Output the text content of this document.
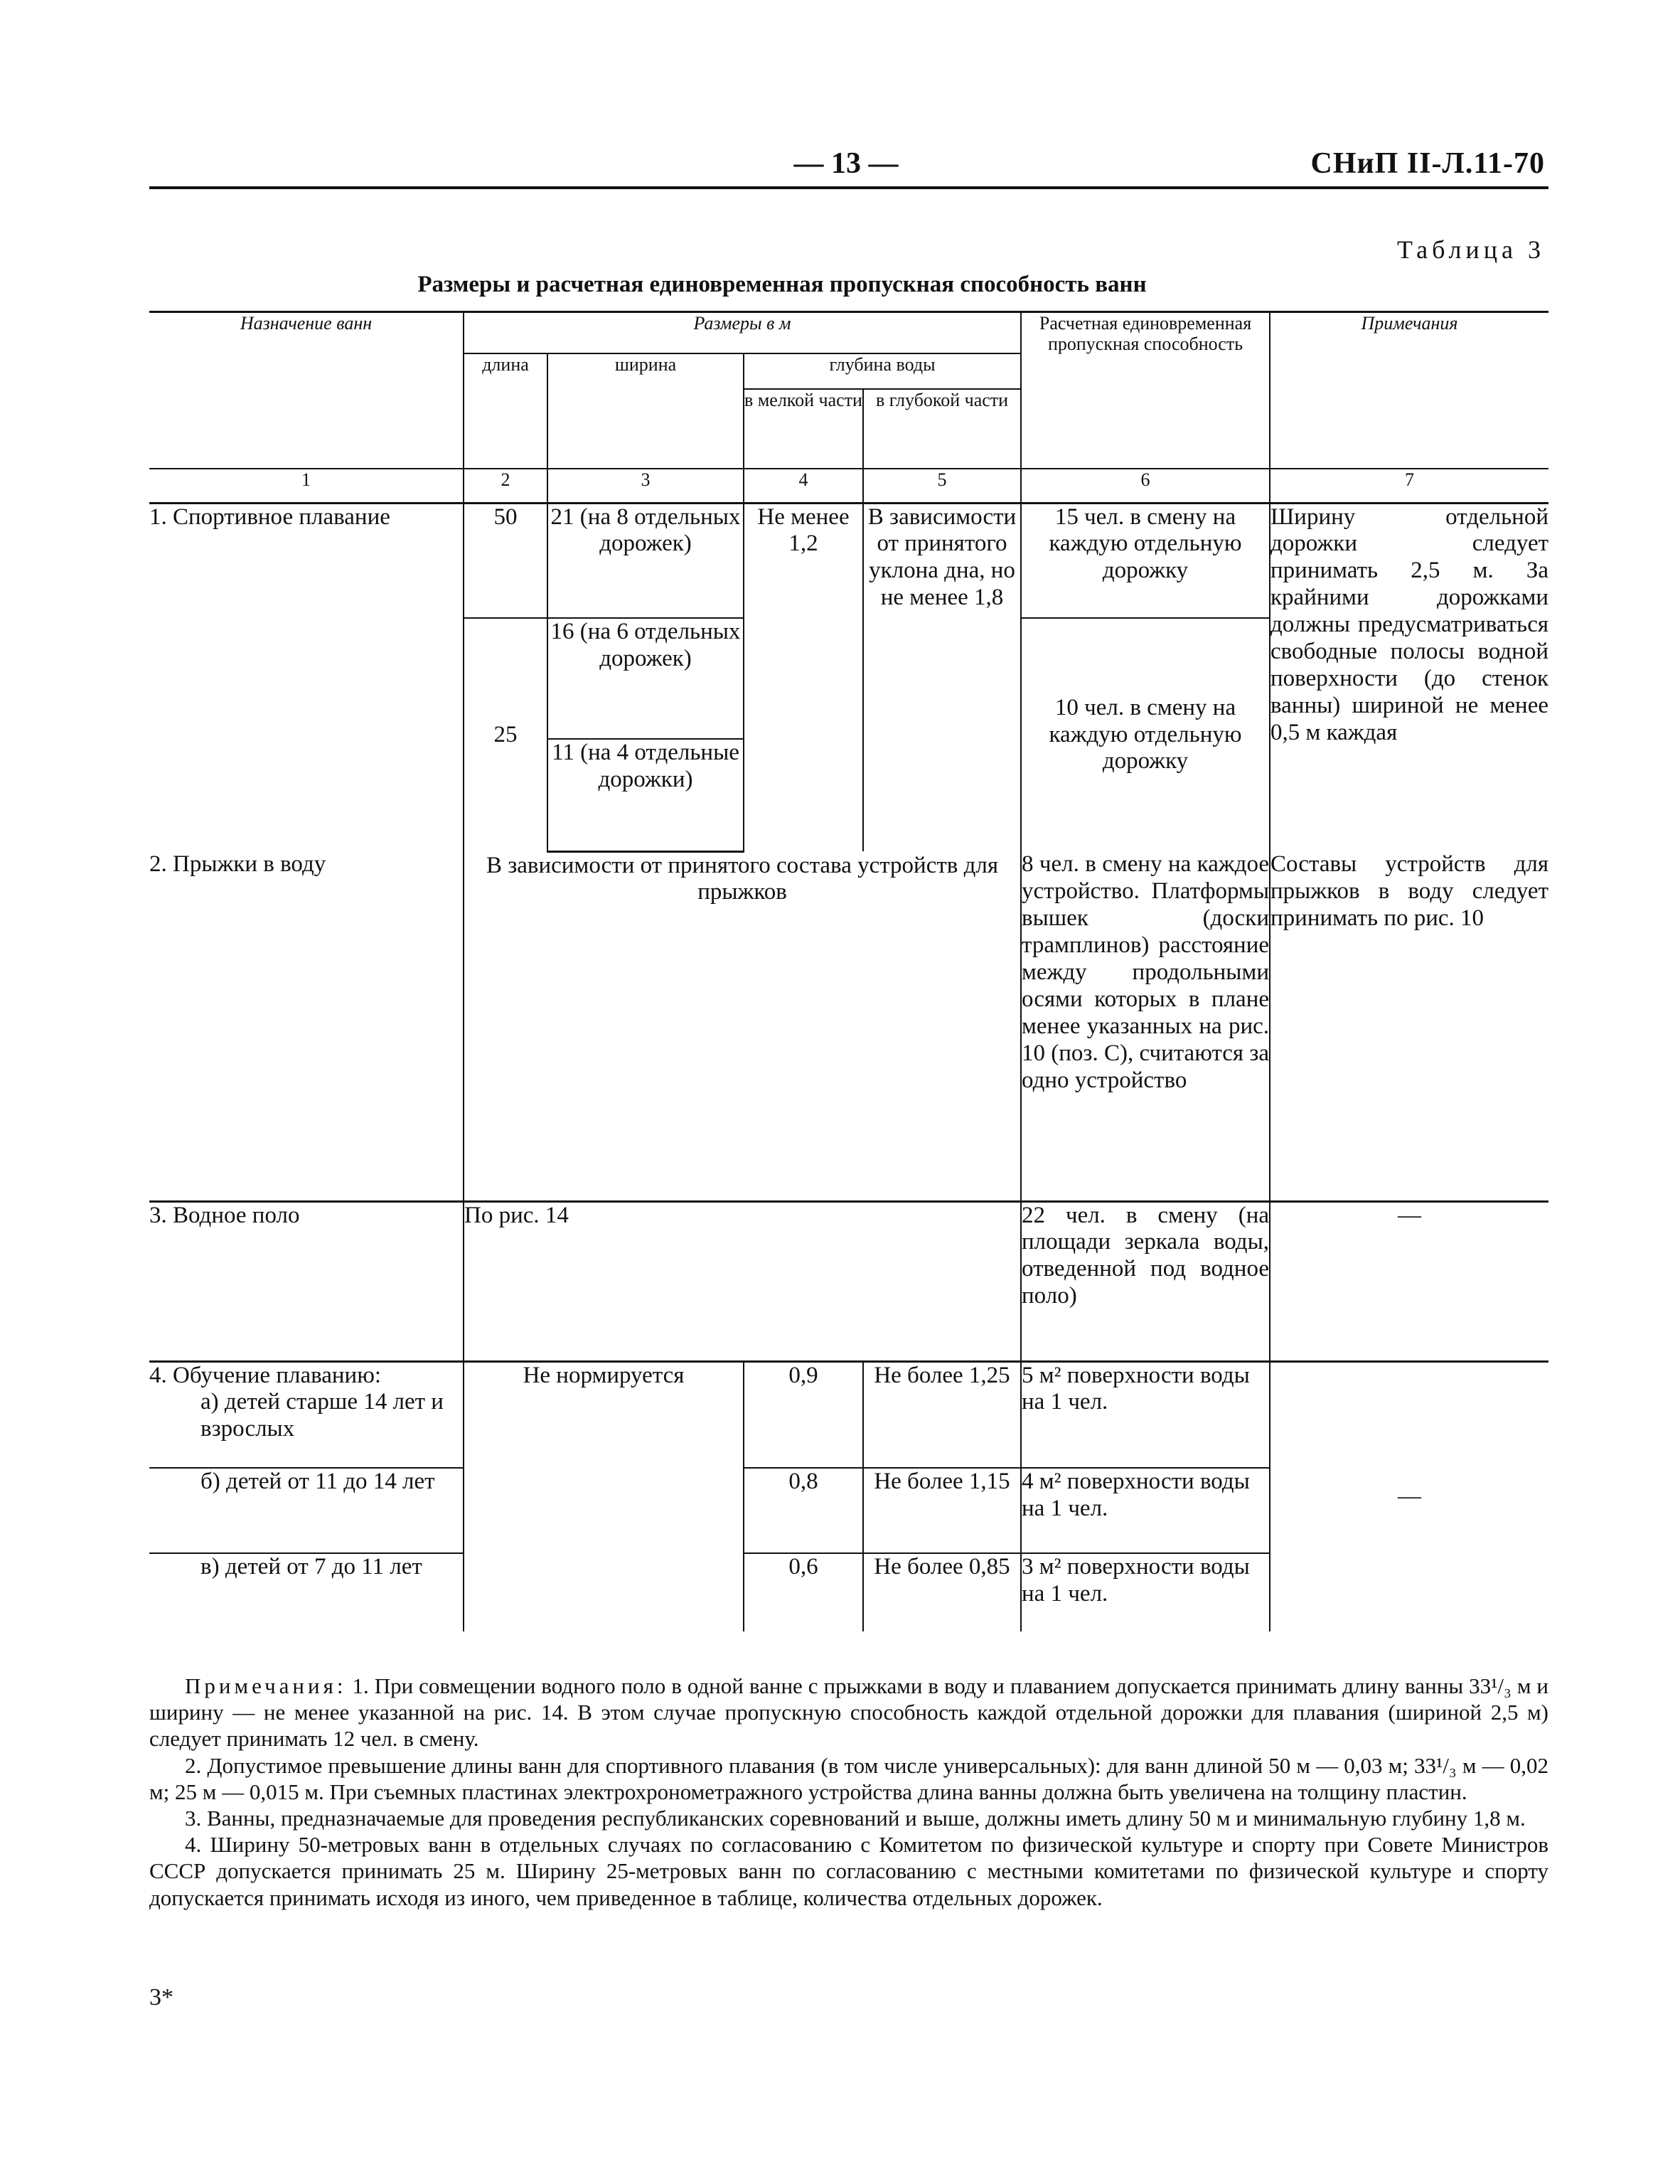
— 13 —	СНиП II-Л.11-70
Таблица 3
Размеры и расчетная единовременная пропускная способность ванн
Назначение ванн	Размеры в м				Расчетная единовременная пропускная способность	Примечания
	длина	ширина	глубина воды			
			в мелкой части	в глубокой части		
1	2	3	4	5	6	7
1. Спортивное плавание	50	21 (на 8 отдельных дорожек)	Не менее 1,2	В зависимости от принятого уклона дна, но не менее 1,8	15 чел. в смену на каждую отдельную дорожку	Ширину отдельной дорожки следует принимать 2,5 м. За крайними дорожками должны предусматриваться свободные полосы водной поверхности (до стенок ванны) шириной не менее 0,5 м каждая
	25	16 (на 6 отдельных дорожек)			10 чел. в смену на каждую отдельную дорожку	
		11 (на 4 отдельные дорожки)				
2. Прыжки в воду	В зависимости от принятого состава устройств для прыжков				8 чел. в смену на каждое устройство. Платформы вышек (доски трамплинов) расстояние между продольными осями которых в плане менее указанных на рис. 10 (поз. С), считаются за одно устройство	Составы устройств для прыжков в воду следует принимать по рис. 10
3. Водное поло	По рис. 14				22 чел. в смену (на площади зеркала воды, отведенной под водное поло)	—

4. Обучение плаванию:
а) детей старше 14 лет и взрослых	Не нормируется		0,9	Не более 1,25	5 м² поверхности воды на 1 чел.	—
б) детей от 11 до 14 лет			0,8	Не более 1,15	4 м² поверхности воды на 1 чел.	
в) детей от 7 до 11 лет			0,6	Не более 0,85	3 м² поверхности воды на 1 чел.	

Примечания: 1. При совмещении водного поло в одной ванне с прыжками в воду и плаванием допускается принимать длину ванны 33¹/₃ м и ширину — не менее указанной на рис. 14. В этом случае пропускную способность каждой отдельной дорожки для плавания (шириной 2,5 м) следует принимать 12 чел. в смену.

2. Допустимое превышение длины ванн для спортивного плавания (в том числе универсальных): для ванн длиной 50 м — 0,03 м; 33¹/₃ м — 0,02 м; 25 м — 0,015 м. При съемных пластинах электрохронометражного устройства длина ванны должна быть увеличена на толщину пластин.

3. Ванны, предназначаемые для проведения республиканских соревнований и выше, должны иметь длину 50 м и минимальную глубину 1,8 м.

4. Ширину 50-метровых ванн в отдельных случаях по согласованию с Комитетом по физической культуре и спорту при Совете Министров СССР допускается принимать 25 м. Ширину 25-метровых ванн по согласованию с местными комитетами по физической культуре и спорту допускается принимать исходя из иного, чем приведенное в таблице, количества отдельных дорожек.

3*
